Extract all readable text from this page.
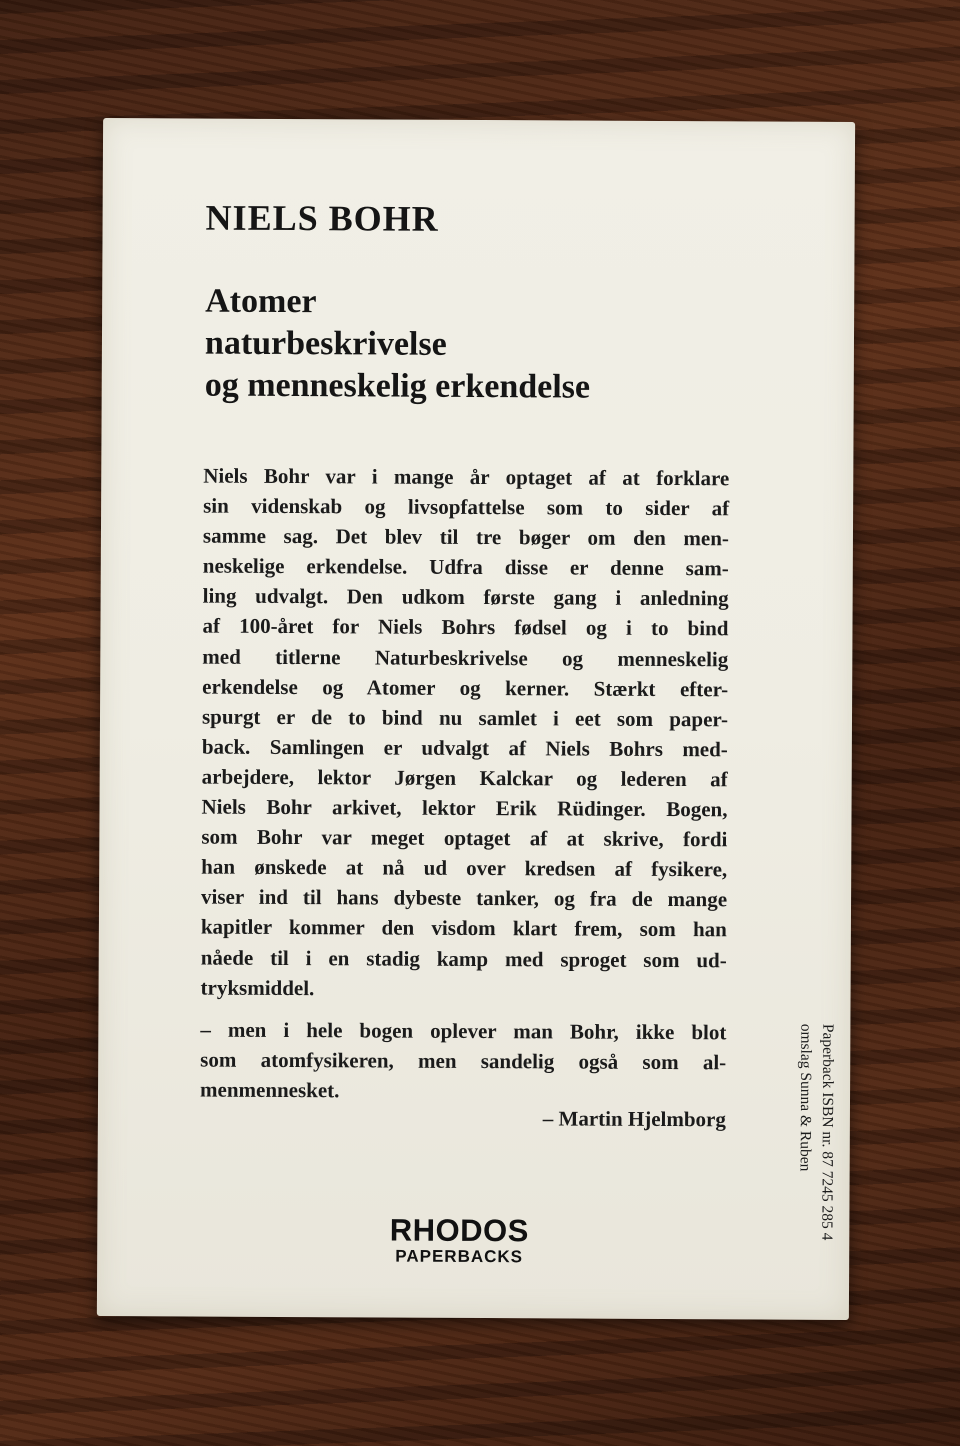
NIELS BOHR
Atomer
naturbeskrivelse
og menneskelig erkendelse

Niels Bohr var i mange år optaget af at forklare
sin videnskab og livsopfattelse som to sider af
samme sag. Det blev til tre bøger om den men-
neskelige erkendelse. Udfra disse er denne sam-
ling udvalgt. Den udkom første gang i anledning
af 100-året for Niels Bohrs fødsel og i to bind
med titlerne Naturbeskrivelse og menneskelig
erkendelse og Atomer og kerner. Stærkt efter-
spurgt er de to bind nu samlet i eet som paper-
back. Samlingen er udvalgt af Niels Bohrs med-
arbejdere, lektor Jørgen Kalckar og lederen af
Niels Bohr arkivet, lektor Erik Rüdinger. Bogen,
som Bohr var meget optaget af at skrive, fordi
han ønskede at nå ud over kredsen af fysikere,
viser ind til hans dybeste tanker, og fra de mange
kapitler kommer den visdom klart frem, som han
nåede til i en stadig kamp med sproget som ud-
tryksmiddel.

– men i hele bogen oplever man Bohr, ikke blot
som atomfysikeren, men sandelig også som al-
menmennesket.

– Martin Hjelmborg

RHODOS
PAPERBACKS
Paperback ISBN nr. 87 7245 285 4
omslag Sunna & Ruben
